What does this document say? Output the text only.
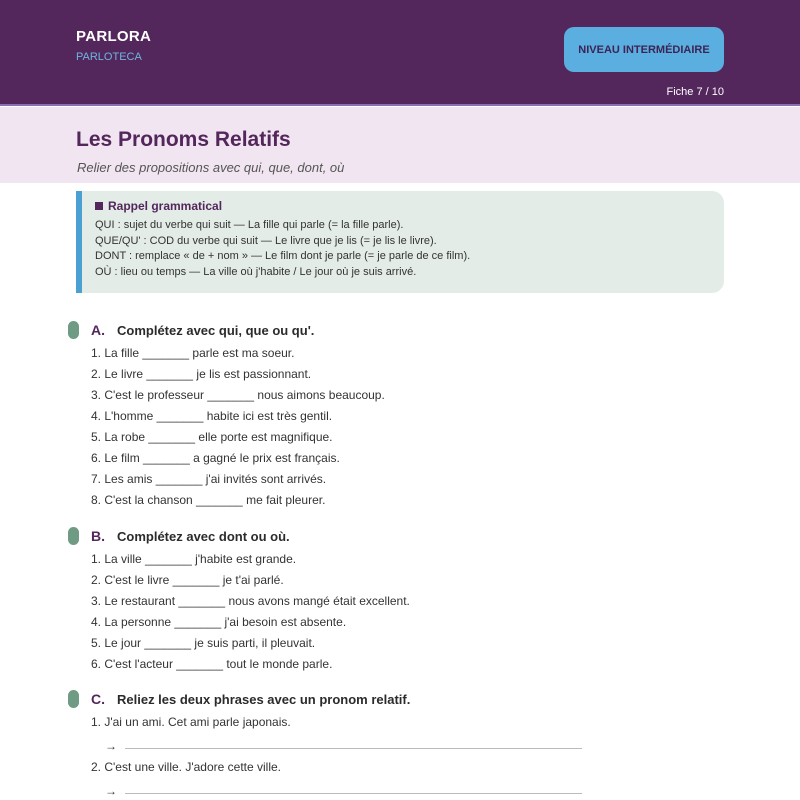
PARLORA
PARLOTECA
NIVEAU INTERMÉDIAIRE
Fiche 7 / 10
Les Pronoms Relatifs
Relier des propositions avec qui, que, dont, où
Rappel grammatical
QUI : sujet du verbe qui suit — La fille qui parle (= la fille parle).
QUE/QU' : COD du verbe qui suit — Le livre que je lis (= je lis le livre).
DONT : remplace « de + nom » — Le film dont je parle (= je parle de ce film).
OÙ : lieu ou temps — La ville où j'habite / Le jour où je suis arrivé.
A. Complétez avec qui, que ou qu'.
1. La fille _______ parle est ma soeur.
2. Le livre _______ je lis est passionnant.
3. C'est le professeur _______ nous aimons beaucoup.
4. L'homme _______ habite ici est très gentil.
5. La robe _______ elle porte est magnifique.
6. Le film _______ a gagné le prix est français.
7. Les amis _______ j'ai invités sont arrivés.
8. C'est la chanson _______ me fait pleurer.
B. Complétez avec dont ou où.
1. La ville _______ j'habite est grande.
2. C'est le livre _______ je t'ai parlé.
3. Le restaurant _______ nous avons mangé était excellent.
4. La personne _______ j'ai besoin est absente.
5. Le jour _______ je suis parti, il pleuvait.
6. C'est l'acteur _______ tout le monde parle.
C. Reliez les deux phrases avec un pronom relatif.
1. J'ai un ami. Cet ami parle japonais.
→
2. C'est une ville. J'adore cette ville.
→
